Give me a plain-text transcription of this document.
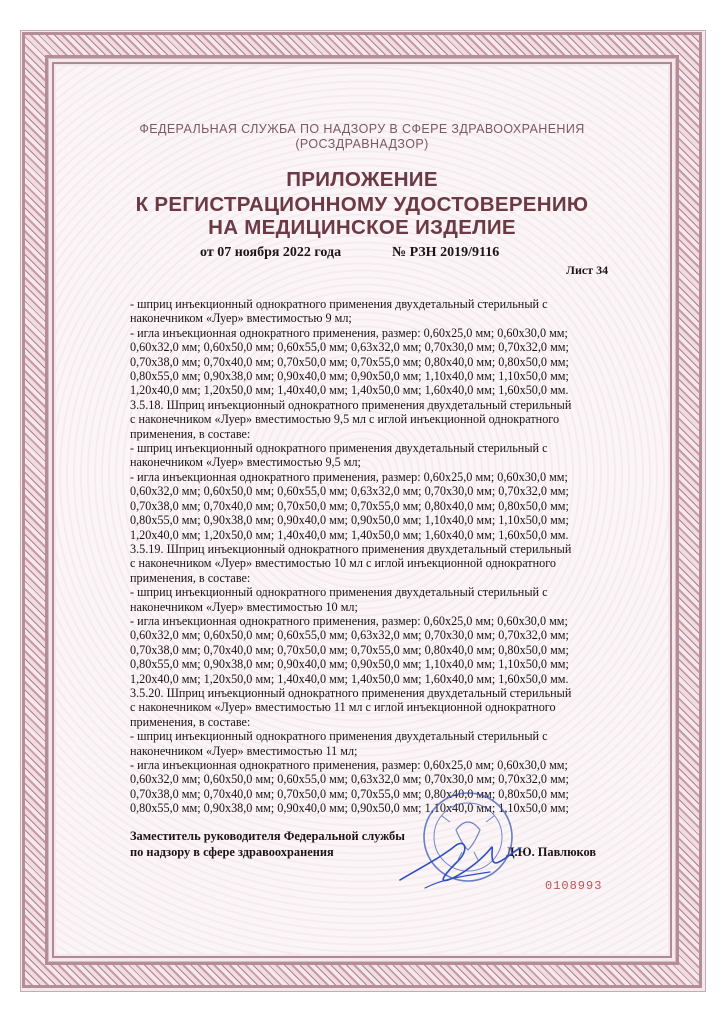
ФЕДЕРАЛЬНАЯ СЛУЖБА ПО НАДЗОРУ В СФЕРЕ ЗДРАВООХРАНЕНИЯ
(РОСЗДРАВНАДЗОР)
ПРИЛОЖЕНИЕ
К РЕГИСТРАЦИОННОМУ УДОСТОВЕРЕНИЮ
НА МЕДИЦИНСКОЕ ИЗДЕЛИЕ
от 07 ноября 2022 года	№ РЗН 2019/9116
Лист 34
- шприц инъекционный однократного применения двухдетальный стерильный с
наконечником «Луер» вместимостью 9 мл;
- игла инъекционная однократного применения, размер: 0,60х25,0 мм; 0,60х30,0 мм;
0,60х32,0 мм; 0,60х50,0 мм; 0,60х55,0 мм; 0,63х32,0 мм; 0,70х30,0 мм; 0,70х32,0 мм;
0,70х38,0 мм; 0,70х40,0 мм; 0,70х50,0 мм; 0,70х55,0 мм; 0,80х40,0 мм; 0,80х50,0 мм;
0,80х55,0 мм; 0,90х38,0 мм; 0,90х40,0 мм; 0,90х50,0 мм; 1,10х40,0 мм; 1,10х50,0 мм;
1,20х40,0 мм; 1,20х50,0 мм; 1,40х40,0 мм; 1,40х50,0 мм; 1,60х40,0 мм; 1,60х50,0 мм.
3.5.18. Шприц инъекционный однократного применения двухдетальный стерильный
с наконечником «Луер» вместимостью 9,5 мл с иглой инъекционной однократного
применения, в составе:
- шприц инъекционный однократного применения двухдетальный стерильный с
наконечником «Луер» вместимостью 9,5 мл;
- игла инъекционная однократного применения, размер: 0,60х25,0 мм; 0,60х30,0 мм;
0,60х32,0 мм; 0,60х50,0 мм; 0,60х55,0 мм; 0,63х32,0 мм; 0,70х30,0 мм; 0,70х32,0 мм;
0,70х38,0 мм; 0,70х40,0 мм; 0,70х50,0 мм; 0,70х55,0 мм; 0,80х40,0 мм; 0,80х50,0 мм;
0,80х55,0 мм; 0,90х38,0 мм; 0,90х40,0 мм; 0,90х50,0 мм; 1,10х40,0 мм; 1,10х50,0 мм;
1,20х40,0 мм; 1,20х50,0 мм; 1,40х40,0 мм; 1,40х50,0 мм; 1,60х40,0 мм; 1,60х50,0 мм.
3.5.19. Шприц инъекционный однократного применения двухдетальный стерильный
с наконечником «Луер» вместимостью 10 мл с иглой инъекционной однократного
применения, в составе:
- шприц инъекционный однократного применения двухдетальный стерильный с
наконечником «Луер» вместимостью 10 мл;
- игла инъекционная однократного применения, размер: 0,60х25,0 мм; 0,60х30,0 мм;
0,60х32,0 мм; 0,60х50,0 мм; 0,60х55,0 мм; 0,63х32,0 мм; 0,70х30,0 мм; 0,70х32,0 мм;
0,70х38,0 мм; 0,70х40,0 мм; 0,70х50,0 мм; 0,70х55,0 мм; 0,80х40,0 мм; 0,80х50,0 мм;
0,80х55,0 мм; 0,90х38,0 мм; 0,90х40,0 мм; 0,90х50,0 мм; 1,10х40,0 мм; 1,10х50,0 мм;
1,20х40,0 мм; 1,20х50,0 мм; 1,40х40,0 мм; 1,40х50,0 мм; 1,60х40,0 мм; 1,60х50,0 мм.
3.5.20. Шприц инъекционный однократного применения двухдетальный стерильный
с наконечником «Луер» вместимостью 11 мл с иглой инъекционной однократного
применения, в составе:
- шприц инъекционный однократного применения двухдетальный стерильный с
наконечником «Луер» вместимостью 11 мл;
- игла инъекционная однократного применения, размер: 0,60х25,0 мм; 0,60х30,0 мм;
0,60х32,0 мм; 0,60х50,0 мм; 0,60х55,0 мм; 0,63х32,0 мм; 0,70х30,0 мм; 0,70х32,0 мм;
0,70х38,0 мм; 0,70х40,0 мм; 0,70х50,0 мм; 0,70х55,0 мм; 0,80х40,0 мм; 0,80х50,0 мм;
0,80х55,0 мм; 0,90х38,0 мм; 0,90х40,0 мм; 0,90х50,0 мм; 1,10х40,0 мм; 1,10х50,0 мм;
Заместитель руководителя Федеральной службы
по надзору в сфере здравоохранения	Д.Ю. Павлюков
0108993
